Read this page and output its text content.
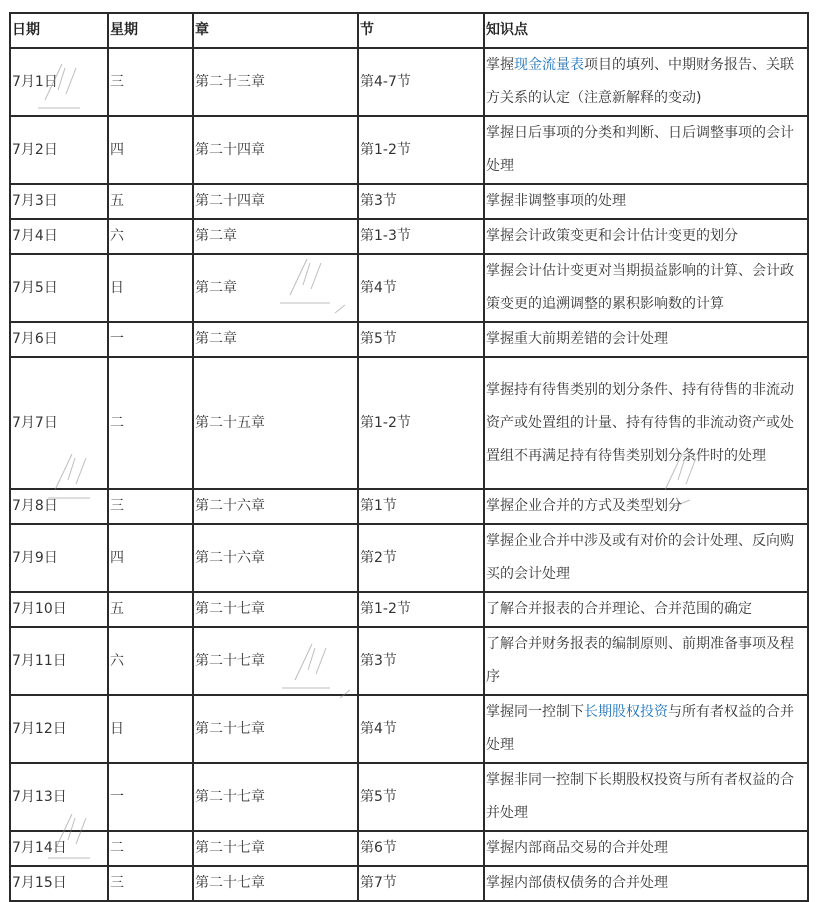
日期	星期	章	节	知识点
7月1日	三	第二十三章	第4-7节	掌握现金流量表项目的填列、中期财务报告、关联方关系的认定（注意新解释的变动)
7月2日	四	第二十四章	第1-2节	掌握日后事项的分类和判断、日后调整事项的会计处理
7月3日	五	第二十四章	第3节	掌握非调整事项的处理
7月4日	六	第二章	第1-3节	掌握会计政策变更和会计估计变更的划分
7月5日	日	第二章	第4节	掌握会计估计变更对当期损益影响的计算、会计政策变更的追溯调整的累积影响数的计算
7月6日	一	第二章	第5节	掌握重大前期差错的会计处理
7月7日	二	第二十五章	第1-2节	掌握持有待售类别的划分条件、持有待售的非流动资产或处置组的计量、持有待售的非流动资产或处置组不再满足持有待售类别划分条件时的处理
7月8日	三	第二十六章	第1节	掌握企业合并的方式及类型划分
7月9日	四	第二十六章	第2节	掌握企业合并中涉及或有对价的会计处理、反向购买的会计处理
7月10日	五	第二十七章	第1-2节	了解合并报表的合并理论、合并范围的确定
7月11日	六	第二十七章	第3节	了解合并财务报表的编制原则、前期准备事项及程序
7月12日	日	第二十七章	第4节	掌握同一控制下长期股权投资与所有者权益的合并处理
7月13日	一	第二十七章	第5节	掌握非同一控制下长期股权投资与所有者权益的合并处理
7月14日	二	第二十七章	第6节	掌握内部商品交易的合并处理
7月15日	三	第二十七章	第7节	掌握内部债权债务的合并处理
